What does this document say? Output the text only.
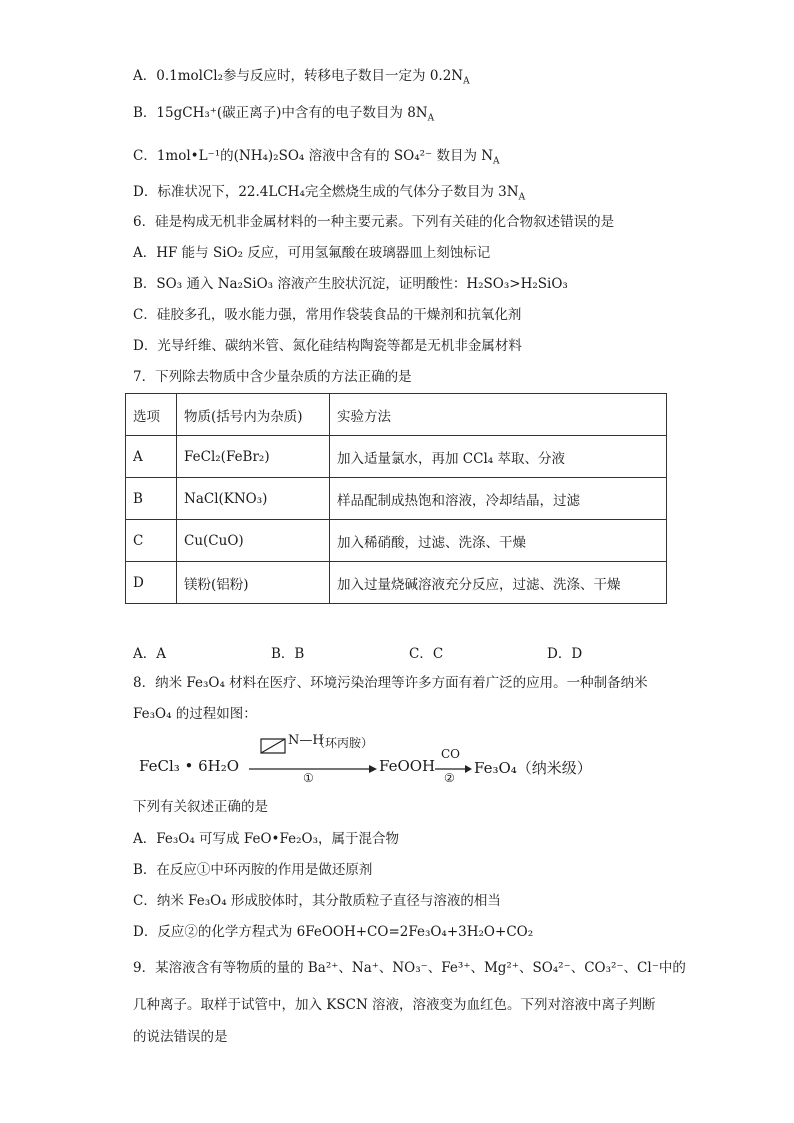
A．0.1molCl₂参与反应时，转移电子数目一定为 $0.2N_A$
B．15gCH₃⁺(碳正离子)中含有的电子数目为 $8N_A$
C．1mol•L⁻¹的(NH₄)₂SO₄ 溶液中含有的 SO₄²⁻ 数目为 $N_A$
D．标准状况下，22.4LCH₄完全燃烧生成的气体分子数目为 $3N_A$
6．硅是构成无机非金属材料的一种主要元素。下列有关硅的化合物叙述错误的是
A．HF 能与 SiO₂ 反应，可用氢氟酸在玻璃器皿上刻蚀标记
B．SO₃ 通入 Na₂SiO₃ 溶液产生胶状沉淀，证明酸性：H₂SO₃>H₂SiO₃
C．硅胶多孔，吸水能力强，常用作袋装食品的干燥剂和抗氧化剂
D．光导纤维、碳纳米管、氮化硅结构陶瓷等都是无机非金属材料
7．下列除去物质中含少量杂质的方法正确的是
选项	物质(括号内为杂质)	实验方法
A	FeCl₂(FeBr₂)	加入适量氯水，再加 CCl₄ 萃取、分液
B	NaCl(KNO₃)	样品配制成热饱和溶液，冷却结晶，过滤
C	Cu(CuO)	加入稀硝酸，过滤、洗涤、干燥
D	镁粉(铝粉)	加入过量烧碱溶液充分反应，过滤、洗涤、干燥
A．A	B．B	C．C	D．D
8．纳米 Fe₃O₄ 材料在医疗、环境污染治理等许多方面有着广泛的应用。一种制备纳米
Fe₃O₄ 的过程如图：
FeCl₃ • 6H₂O
N—H
（环丙胺）
①
FeOOH
CO
②
Fe₃O₄（纳米级）
下列有关叙述正确的是
A．Fe₃O₄ 可写成 FeO•Fe₂O₃，属于混合物
B．在反应①中环丙胺的作用是做还原剂
C．纳米 Fe₃O₄ 形成胶体时，其分散质粒子直径与溶液的相当
D．反应②的化学方程式为 6FeOOH+CO=2Fe₃O₄+3H₂O+CO₂
9．某溶液含有等物质的量的 Ba²⁺、Na⁺、NO₃⁻、Fe³⁺、Mg²⁺、SO₄²⁻、CO₃²⁻、Cl⁻中的
几种离子。取样于试管中，加入 KSCN 溶液，溶液变为血红色。下列对溶液中离子判断
的说法错误的是
